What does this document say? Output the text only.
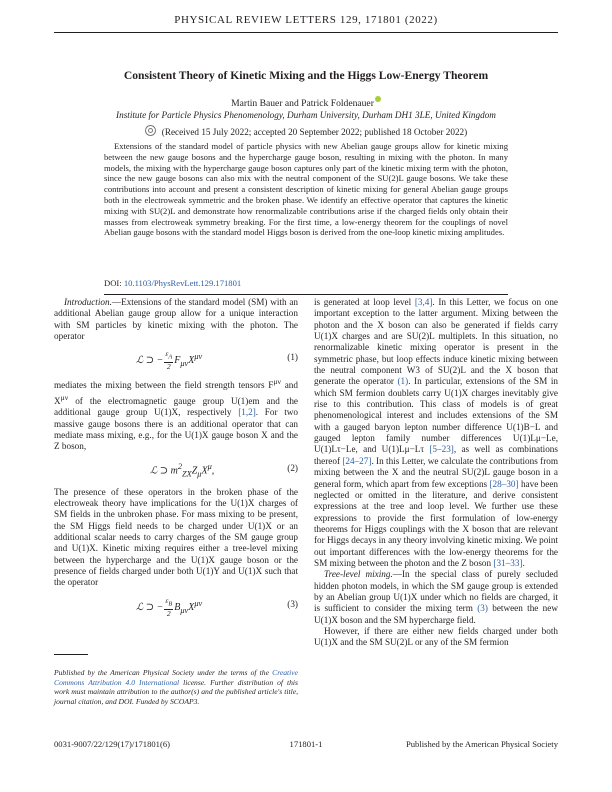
PHYSICAL REVIEW LETTERS 129, 171801 (2022)
Consistent Theory of Kinetic Mixing and the Higgs Low-Energy Theorem
Martin Bauer and Patrick Foldenauer
Institute for Particle Physics Phenomenology, Durham University, Durham DH1 3LE, United Kingdom
(Received 15 July 2022; accepted 20 September 2022; published 18 October 2022)
Extensions of the standard model of particle physics with new Abelian gauge groups allow for kinetic mixing between the new gauge bosons and the hypercharge gauge boson, resulting in mixing with the photon. In many models, the mixing with the hypercharge gauge boson captures only part of the kinetic mixing term with the photon, since the new gauge bosons can also mix with the neutral component of the SU(2)L gauge bosons. We take these contributions into account and present a consistent description of kinetic mixing for general Abelian gauge groups both in the electroweak symmetric and the broken phase. We identify an effective operator that captures the kinetic mixing with SU(2)L and demonstrate how renormalizable contributions arise if the charged fields only obtain their masses from electroweak symmetry breaking. For the first time, a low-energy theorem for the couplings of novel Abelian gauge bosons with the standard model Higgs boson is derived from the one-loop kinetic mixing amplitudes.
DOI: 10.1103/PhysRevLett.129.171801

Introduction.—Extensions of the standard model (SM) with an additional Abelian gauge group allow for a unique interaction with SM particles by kinetic mixing with the photon. The operator

ℒ ⊃ − $\frac{\varepsilon_A}{2} F_{\mu\nu}X^{\mu\nu}$	(1)

mediates the mixing between the field strength tensors $F^{\mu\nu}$ and $X^{\mu\nu}$ of the electromagnetic gauge group U(1)em and the additional gauge group U(1)X, respectively [1,2]. For two massive gauge bosons there is an additional operator that can mediate mass mixing, e.g., for the U(1)X gauge boson X and the Z boson,

ℒ ⊃ $m^2_{ZX}Z_\mu X^\mu$,	(2)

The presence of these operators in the broken phase of the electroweak theory have implications for the U(1)X charges of SM fields in the unbroken phase. For mass mixing to be present, the SM Higgs field needs to be charged under U(1)X or an additional scalar needs to carry charges of the SM gauge group and U(1)X. Kinetic mixing requires either a tree-level mixing between the hypercharge and the U(1)X gauge boson or the presence of fields charged under both U(1)Y and U(1)X such that the operator

ℒ ⊃ − $\frac{\varepsilon_B}{2} B_{\mu\nu}X^{\mu\nu}$	(3)
Published by the American Physical Society under the terms of the Creative Commons Attribution 4.0 International license. Further distribution of this work must maintain attribution to the author(s) and the published article's title, journal citation, and DOI. Funded by SCOAP3.

is generated at loop level [3,4]. In this Letter, we focus on one important exception to the latter argument. Mixing between the photon and the X boson can also be generated if fields carry U(1)X charges and are SU(2)L multiplets. In this situation, no renormalizable kinetic mixing operator is present in the symmetric phase, but loop effects induce kinetic mixing between the neutral component W3 of SU(2)L and the X boson that generate the operator (1). In particular, extensions of the SM in which SM fermion doublets carry U(1)X charges inevitably give rise to this contribution. This class of models is of great phenomenological interest and includes extensions of the SM with a gauged baryon lepton number difference U(1)B−L and gauged lepton family number differences U(1)Lμ−Le, U(1)Lτ−Le, and U(1)Lμ−Lτ [5–23], as well as combinations thereof [24–27]. In this Letter, we calculate the contributions from mixing between the X and the neutral SU(2)L gauge boson in a general form, which apart from few exceptions [28–30] have been neglected or omitted in the literature, and derive consistent expressions at the tree and loop level. We further use these expressions to provide the first formulation of low-energy theorems for Higgs couplings with the X boson that are relevant for Higgs decays in any theory involving kinetic mixing. We point out important differences with the low-energy theorems for the SM mixing between the photon and the Z boson [31–33].

Tree-level mixing.—In the special class of purely secluded hidden photon models, in which the SM gauge group is extended by an Abelian group U(1)X under which no fields are charged, it is sufficient to consider the mixing term (3) between the new U(1)X boson and the SM hypercharge field.

However, if there are either new fields charged under both U(1)X and the SM SU(2)L or any of the SM fermion

0031-9007/22/129(17)/171801(6)	171801-1	Published by the American Physical Society
